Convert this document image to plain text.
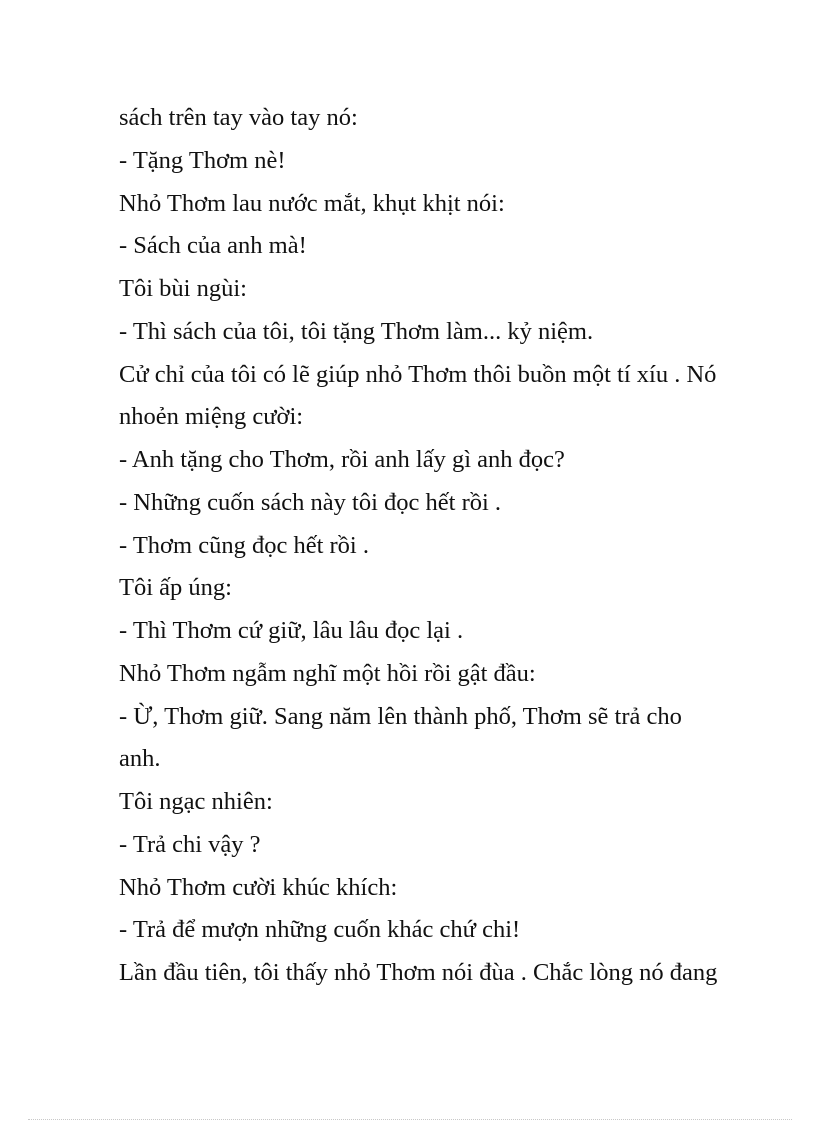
sách trên tay vào tay nó:
- Tặng Thơm nè!
Nhỏ Thơm lau nước mắt, khụt khịt nói:
- Sách của anh mà!
Tôi bùi ngùi:
- Thì sách của tôi, tôi tặng Thơm làm... kỷ niệm.
Cử chỉ của tôi có lẽ giúp nhỏ Thơm thôi buồn một tí xíu . Nó
nhoẻn miệng cười:
- Anh tặng cho Thơm, rồi anh lấy gì anh đọc?
- Những cuốn sách này tôi đọc hết rồi .
- Thơm cũng đọc hết rồi .
Tôi ấp úng:
- Thì Thơm cứ giữ, lâu lâu đọc lại .
Nhỏ Thơm ngẫm nghĩ một hồi rồi gật đầu:
- Ừ, Thơm giữ. Sang năm lên thành phố, Thơm sẽ trả cho
anh.
Tôi ngạc nhiên:
- Trả chi vậy ?
Nhỏ Thơm cười khúc khích:
- Trả để mượn những cuốn khác chứ chi!
Lần đầu tiên, tôi thấy nhỏ Thơm nói đùa . Chắc lòng nó đang
